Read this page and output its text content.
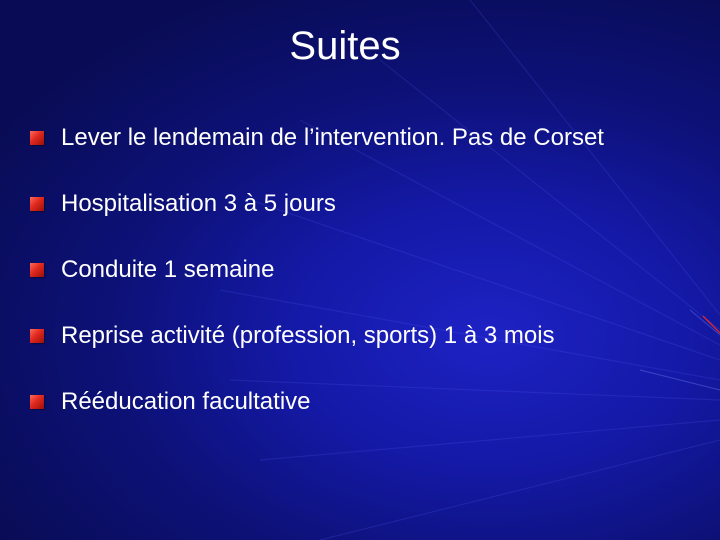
Suites
Lever le lendemain de l’intervention. Pas de Corset
Hospitalisation 3 à 5 jours
Conduite 1 semaine
Reprise activité (profession, sports) 1 à 3 mois
Rééducation facultative
